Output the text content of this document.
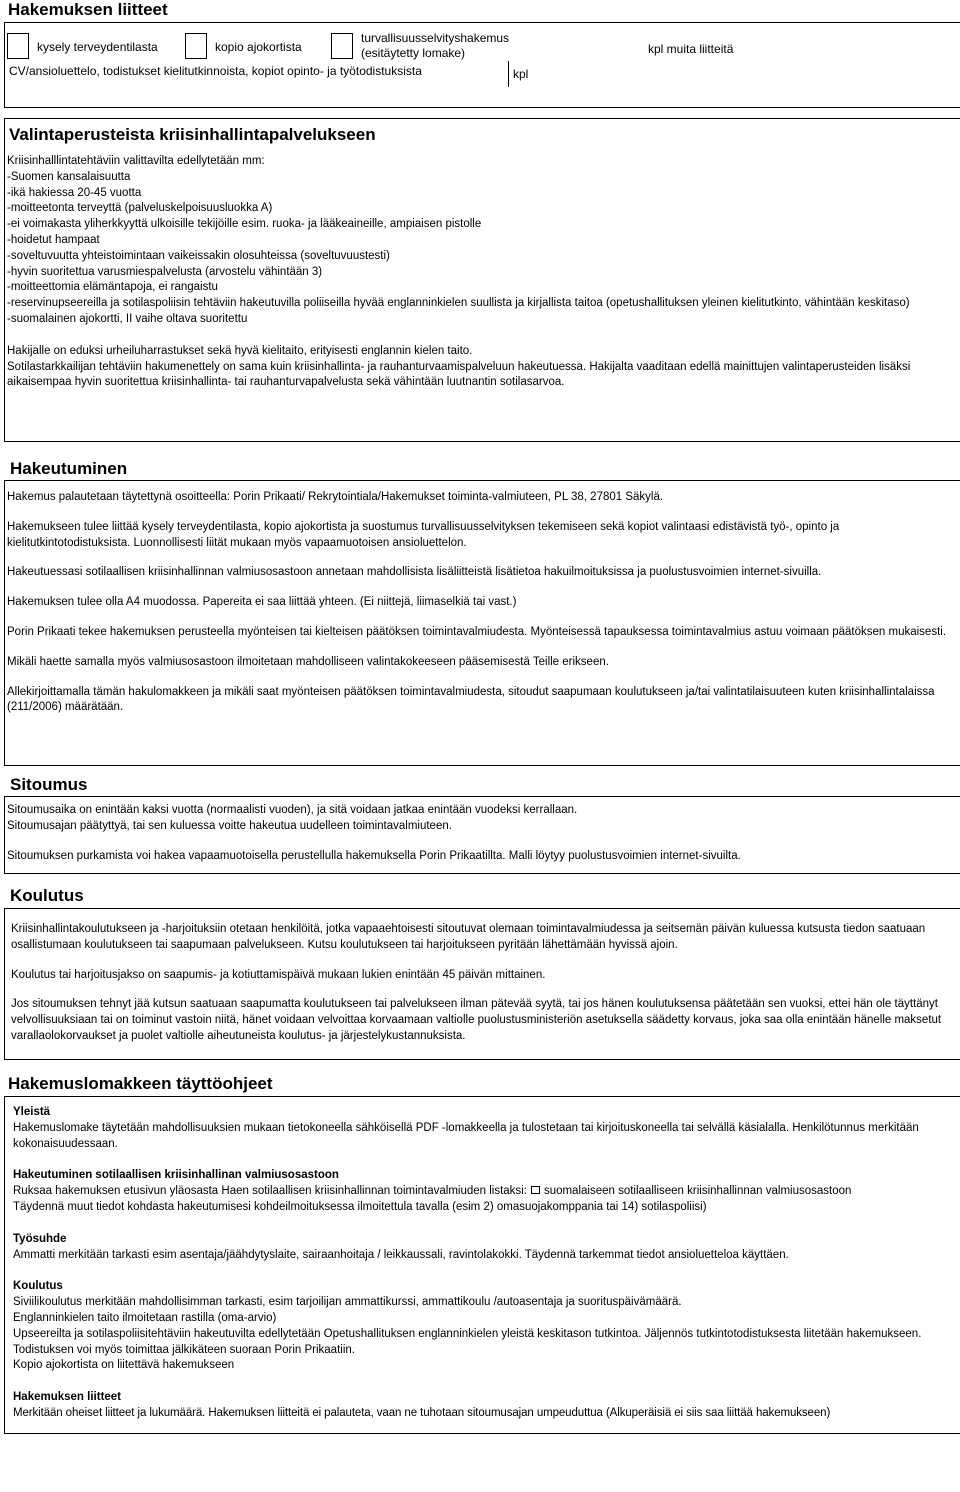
Hakemuksen liitteet
kysely terveydentilasta	kopio ajokortista
turvallisuusselvityshakemus
(esitäytetty lomake)	kpl muita liitteitä
CV/ansioluettelo, todistukset kielitutkinnoista, kopiot opinto- ja työtodistuksista	kpl
Valintaperusteista kriisinhallintapalvelukseen

Kriisinhalllintatehtäviin valittavilta edellytetään mm:

-Suomen kansalaisuutta

-ikä hakiessa 20-45 vuotta

-moitteetonta terveyttä (palveluskelpoisuusluokka A)

-ei voimakasta yliherkkyyttä ulkoisille tekijöille esim. ruoka- ja lääkeaineille, ampiaisen pistolle

-hoidetut hampaat

-soveltuvuutta yhteistoimintaan vaikeissakin olosuhteissa (soveltuvuustesti)

-hyvin suoritettua varusmiespalvelusta (arvostelu vähintään 3)

-moitteettomia elämäntapoja, ei rangaistu

-reservinupseereilla ja sotilaspoliisin tehtäviin hakeutuvilla poliiseilla hyvää englanninkielen suullista ja kirjallista taitoa (opetushallituksen yleinen kielitutkinto, vähintään keskitaso)

-suomalainen ajokortti, II vaihe oltava suoritettu

Hakijalle on eduksi urheiluharrastukset sekä hyvä kielitaito, erityisesti englannin kielen taito.

Sotilastarkkailijan tehtäviin hakumenettely on sama kuin kriisinhallinta- ja rauhanturvaamispalveluun hakeutuessa. Hakijalta vaaditaan edellä mainittujen valintaperusteiden lisäksi aikaisempaa hyvin suoritettua kriisinhallinta- tai rauhanturvapalvelusta sekä vähintään luutnantin sotilasarvoa.

Hakeutuminen

Hakemus palautetaan täytettynä osoitteella: Porin Prikaati/ Rekrytointiala/Hakemukset toiminta-valmiuteen, PL 38, 27801 Säkylä.

Hakemukseen tulee liittää kysely terveydentilasta, kopio ajokortista ja suostumus turvallisuusselvityksen tekemiseen sekä kopiot valintaasi edistävistä työ-, opinto ja kielitutkintotodistuksista. Luonnollisesti liität mukaan myös vapaamuotoisen ansioluettelon.

Hakeutuessasi sotilaallisen kriisinhallinnan valmiusosastoon annetaan mahdollisista lisäliitteistä lisätietoa hakuilmoituksissa ja puolustusvoimien internet-sivuilla.

Hakemuksen tulee olla A4 muodossa. Papereita ei saa liittää yhteen. (Ei niittejä, liimaselkiä tai vast.)

Porin Prikaati tekee hakemuksen perusteella myönteisen tai kielteisen päätöksen toimintavalmiudesta. Myönteisessä tapauksessa toimintavalmius astuu voimaan päätöksen mukaisesti.

Mikäli haette samalla myös valmiusosastoon ilmoitetaan mahdolliseen valintakokeeseen pääsemisestä Teille erikseen.

Allekirjoittamalla tämän hakulomakkeen ja mikäli saat myönteisen päätöksen toimintavalmiudesta, sitoudut saapumaan koulutukseen ja/tai valintatilaisuuteen kuten kriisinhallintalaissa (211/2006) määrätään.

Sitoumus

Sitoumusaika on enintään kaksi vuotta (normaalisti vuoden), ja sitä voidaan jatkaa enintään vuodeksi kerrallaan.

Sitoumusajan päätyttyä, tai sen kuluessa voitte hakeutua uudelleen toimintavalmiuteen.

Sitoumuksen purkamista voi hakea vapaamuotoisella perustellulla hakemuksella Porin Prikaatillta. Malli löytyy puolustusvoimien internet-sivuilta.

Koulutus

Kriisinhallintakoulutukseen ja -harjoituksiin otetaan henkilöitä, jotka vapaaehtoisesti sitoutuvat olemaan toimintavalmiudessa ja seitsemän päivän kuluessa kutsusta tiedon saatuaan osallistumaan koulutukseen tai saapumaan palvelukseen. Kutsu koulutukseen tai harjoitukseen pyritään lähettämään hyvissä ajoin.

Koulutus tai harjoitusjakso on saapumis- ja kotiuttamispäivä mukaan lukien enintään 45 päivän mittainen.

Jos sitoumuksen tehnyt jää kutsun saatuaan saapumatta koulutukseen tai palvelukseen ilman pätevää syytä, tai jos hänen koulutuksensa päätetään sen vuoksi, ettei hän ole täyttänyt velvollisuuksiaan tai on toiminut vastoin niitä, hänet voidaan velvoittaa korvaamaan valtiolle puolustusministeriön asetuksella säädetty korvaus, joka saa olla enintään hänelle maksetut varallaolokorvaukset ja puolet valtiolle aiheutuneista koulutus- ja järjestelykustannuksista.

Hakemuslomakkeen täyttöohjeet

Yleistä

Hakemuslomake täytetään mahdollisuuksien mukaan tietokoneella sähköisellä PDF -lomakkeella ja tulostetaan tai kirjoituskoneella tai selvällä käsialalla. Henkilötunnus merkitään kokonaisuudessaan.

Hakeutuminen sotilaallisen kriisinhallinan valmiusosastoon

Ruksaa hakemuksen etusivun yläosasta Haen sotilaallisen kriisinhallinnan toimintavalmiuden listaksi: suomalaiseen sotilaalliseen kriisinhallinnan valmiusosastoon

Täydennä muut tiedot kohdasta hakeutumisesi kohdeilmoituksessa ilmoitettula tavalla (esim 2) omasuojakomppania tai 14) sotilaspoliisi)

Työsuhde

Ammatti merkitään tarkasti esim asentaja/jäähdytyslaite, sairaanhoitaja / leikkaussali, ravintolakokki. Täydennä tarkemmat tiedot ansioluetteloa käyttäen.

Koulutus

Siviilikoulutus merkitään mahdollisimman tarkasti, esim tarjoilijan ammattikurssi, ammattikoulu /autoasentaja ja suorituspäivämäärä.

Englanninkielen taito ilmoitetaan rastilla (oma-arvio)

Upseereilta ja sotilaspoliisitehtäviin hakeutuvilta edellytetään Opetushallituksen englanninkielen yleistä keskitason tutkintoa. Jäljennös tutkintotodistuksesta liitetään hakemukseen. Todistuksen voi myös toimittaa jälkikäteen suoraan Porin Prikaatiin.

Kopio ajokortista on liitettävä hakemukseen

Hakemuksen liitteet

Merkitään oheiset liitteet ja lukumäärä. Hakemuksen liitteitä ei palauteta, vaan ne tuhotaan sitoumusajan umpeuduttua (Alkuperäisiä ei siis saa liittää hakemukseen)
